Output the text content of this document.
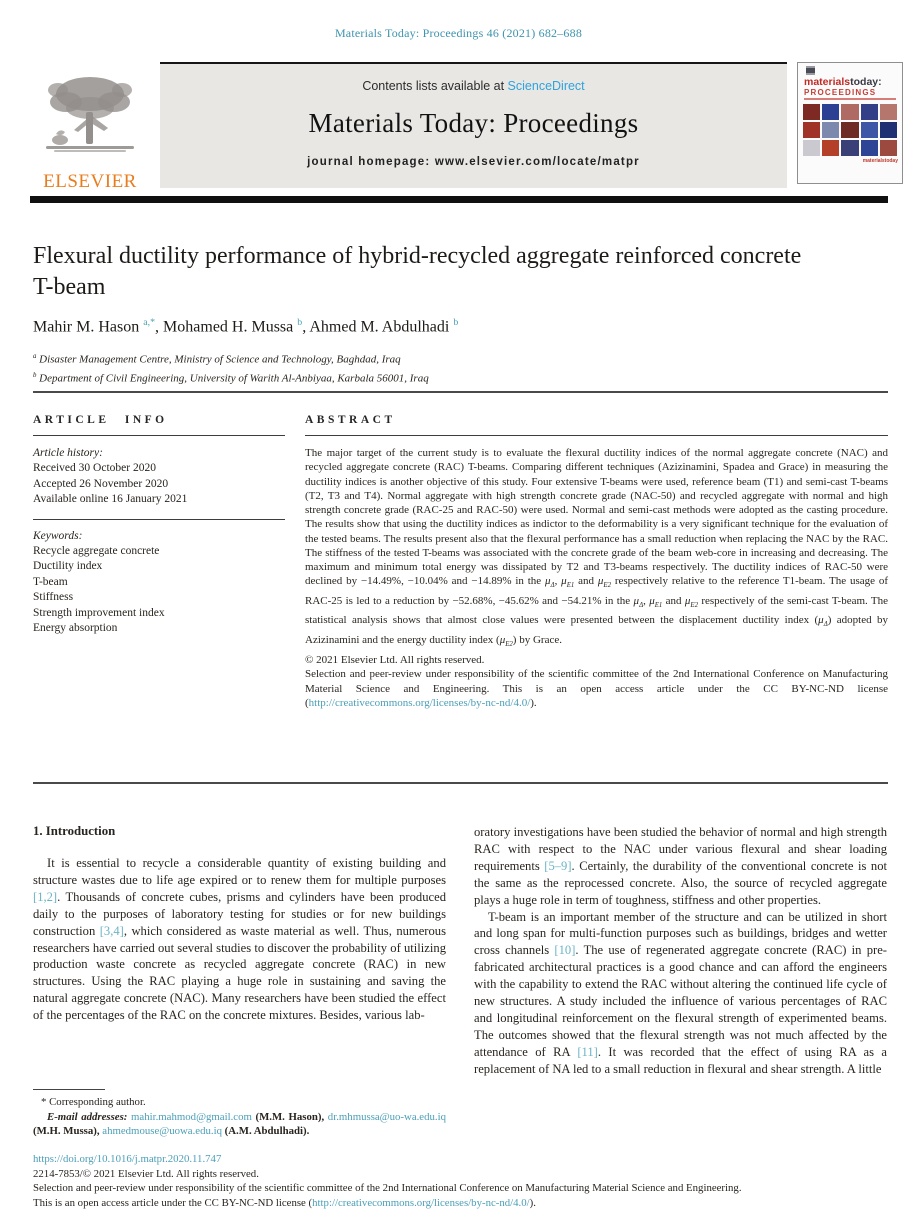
Materials Today: Proceedings 46 (2021) 682–688
ELSEVIER
Contents lists available at ScienceDirect
Materials Today: Proceedings
journal homepage: www.elsevier.com/locate/matpr
materialstoday:
PROCEEDINGS
materialstoday
Flexural ductility performance of hybrid-recycled aggregate reinforced concrete T-beam
Mahir M. Hason $^{a,*}$, Mohamed H. Mussa $^b$, Ahmed M. Abdulhadi $^b$
$^a$ Disaster Management Centre, Ministry of Science and Technology, Baghdad, Iraq
$^b$ Department of Civil Engineering, University of Warith Al-Anbiyaa, Karbala 56001, Iraq
ARTICLE INFO
Article history:
Received 30 October 2020
Accepted 26 November 2020
Available online 16 January 2021
Keywords:
Recycle aggregate concrete
Ductility index
T-beam
Stiffness
Strength improvement index
Energy absorption
ABSTRACT
The major target of the current study is to evaluate the flexural ductility indices of the normal aggregate concrete (NAC) and recycled aggregate concrete (RAC) T-beams. Comparing different techniques (Azizinamini, Spadea and Grace) in measuring the ductility indices is another objective of this study. Four extensive T-beams were used, reference beam (T1) and semi-cast T-beams (T2, T3 and T4). Normal aggregate with high strength concrete grade (NAC-50) and recycled aggregate with normal and high strength concrete grade (RAC-25 and RAC-50) were used. Normal and semi-cast methods were adopted as the casting procedure. The results show that using the ductility indices as indictor to the deformability is a very significant technique for the evaluation of the tested beams. The results present also that the flexural performance has a small reduction when replacing the NAC by the RAC. The stiffness of the tested T-beams was associated with the concrete grade of the beam web-core in increasing and decreasing. The maximum and minimum total energy was dissipated by T2 and T3-beams respectively. The ductility indices of RAC-50 were declined by −14.49%, −10.04% and −14.89% in the $\mu_\Delta$, $\mu_{E1}$ and $\mu_{E2}$ respectively relative to the reference T1-beam. The usage of RAC-25 is led to a reduction by −52.68%, −45.62% and −54.21% in the $\mu_\Delta$, $\mu_{E1}$ and $\mu_{E2}$ respectively of the semi-cast T-beam. The statistical analysis shows that almost close values were presented between the displacement ductility index $(\mu_\Delta)$ adopted by Azizinamini and the energy ductility index $(\mu_{E2})$ by Grace.
© 2021 Elsevier Ltd. All rights reserved.
Selection and peer-review under responsibility of the scientific committee of the 2nd International Conference on Manufacturing Material Science and Engineering. This is an open access article under the CC BY-NC-ND license (http://creativecommons.org/licenses/by-nc-nd/4.0/).
1. Introduction

It is essential to recycle a considerable quantity of existing building and structure wastes due to life age expired or to renew them for multiple purposes [1,2]. Thousands of concrete cubes, prisms and cylinders have been produced daily to the purposes of laboratory testing for studies or for new buildings construction [3,4], which considered as waste material as well. Thus, numerous researchers have carried out several studies to discover the probability of utilizing production waste concrete as recycled aggregate concrete (RAC) in new structures. Using the RAC playing a huge role in sustaining and saving the natural aggregate concrete (NAC). Many researchers have been studied the effect of the percentages of the RAC on the concrete mixtures. Besides, various lab-

oratory investigations have been studied the behavior of normal and high strength RAC with respect to the NAC under various flexural and shear loading requirements [5–9]. Certainly, the durability of the conventional concrete is not the same as the reprocessed concrete. Also, the source of recycled aggregate plays a huge role in term of toughness, stiffness and other properties.

T-beam is an important member of the structure and can be utilized in short and long span for multi-function purposes such as buildings, bridges and wetter cross channels [10]. The use of regenerated aggregate concrete (RAC) in pre-fabricated architectural practices is a good chance and can afford the engineers with the capability to extend the RAC without altering the continued life cycle of new structures. A study included the influence of various percentages of RAC and longitudinal reinforcement on the flexural strength of experimented beams. The outcomes showed that the flexural strength was not much affected by the attendance of RA [11]. It was recorded that the effect of using RA as a replacement of NA led to a small reduction in flexural and shear strength. A little

* Corresponding author.
E-mail addresses: mahir.mahmod@gmail.com (M.M. Hason), dr.mhmussa@uo-wa.edu.iq (M.H. Mussa), ahmedmouse@uowa.edu.iq (A.M. Abdulhadi).
https://doi.org/10.1016/j.matpr.2020.11.747
2214-7853/© 2021 Elsevier Ltd. All rights reserved.
Selection and peer-review under responsibility of the scientific committee of the 2nd International Conference on Manufacturing Material Science and Engineering.
This is an open access article under the CC BY-NC-ND license (http://creativecommons.org/licenses/by-nc-nd/4.0/).
